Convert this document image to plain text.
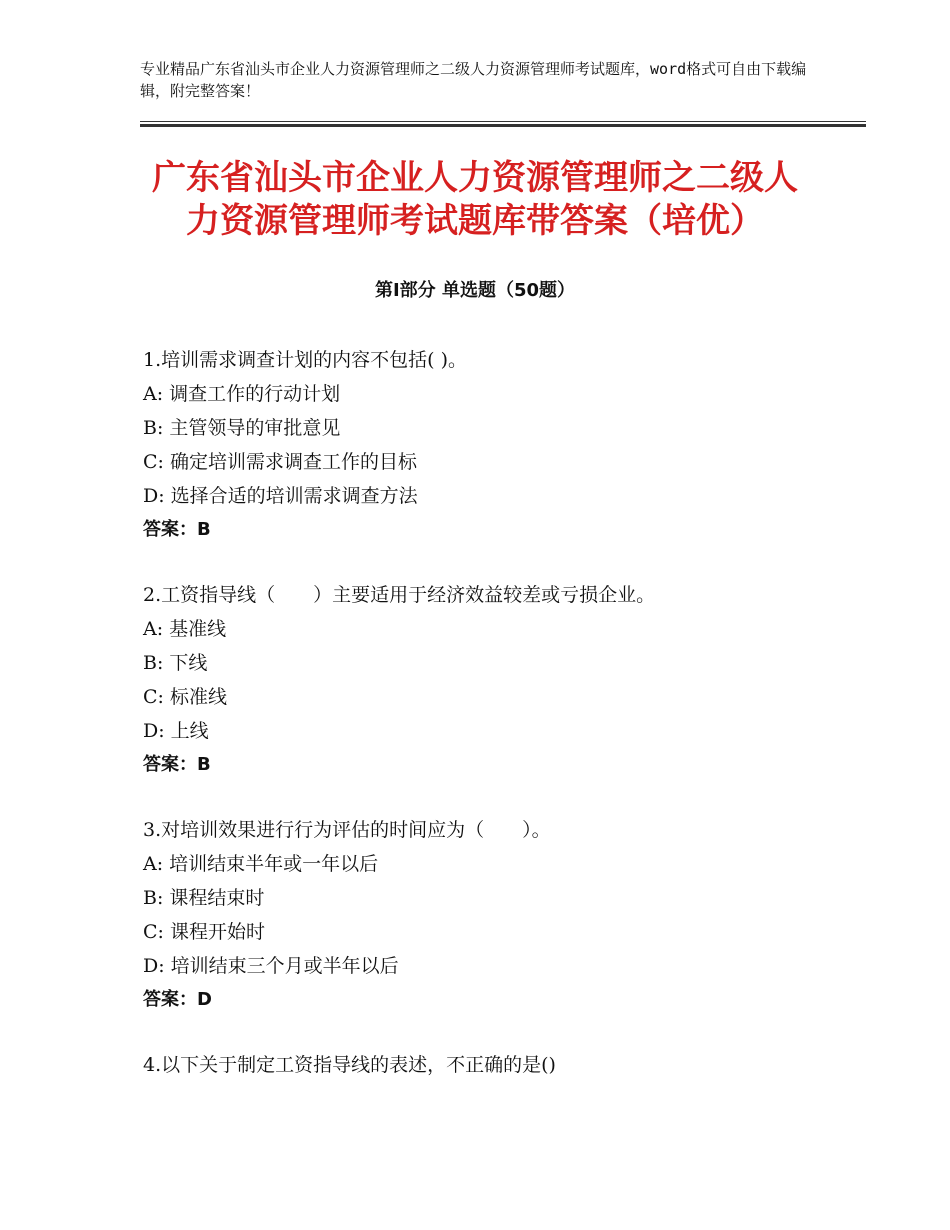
专业精品广东省汕头市企业人力资源管理师之二级人力资源管理师考试题库，word格式可自由下载编辑，附完整答案！
广东省汕头市企业人力资源管理师之二级人
力资源管理师考试题库带答案（培优）
第Ⅰ部分 单选题（50题）
1.培训需求调查计划的内容不包括( )。
A: 调查工作的行动计划
B: 主管领导的审批意见
C: 确定培训需求调查工作的目标
D: 选择合适的培训需求调查方法
答案：B
2.工资指导线（　　）主要适用于经济效益较差或亏损企业。
A: 基准线
B: 下线
C: 标准线
D: 上线
答案：B
3.对培训效果进行行为评估的时间应为（　　）。
A: 培训结束半年或一年以后
B: 课程结束时
C: 课程开始时
D: 培训结束三个月或半年以后
答案：D
4.以下关于制定工资指导线的表述，不正确的是()
